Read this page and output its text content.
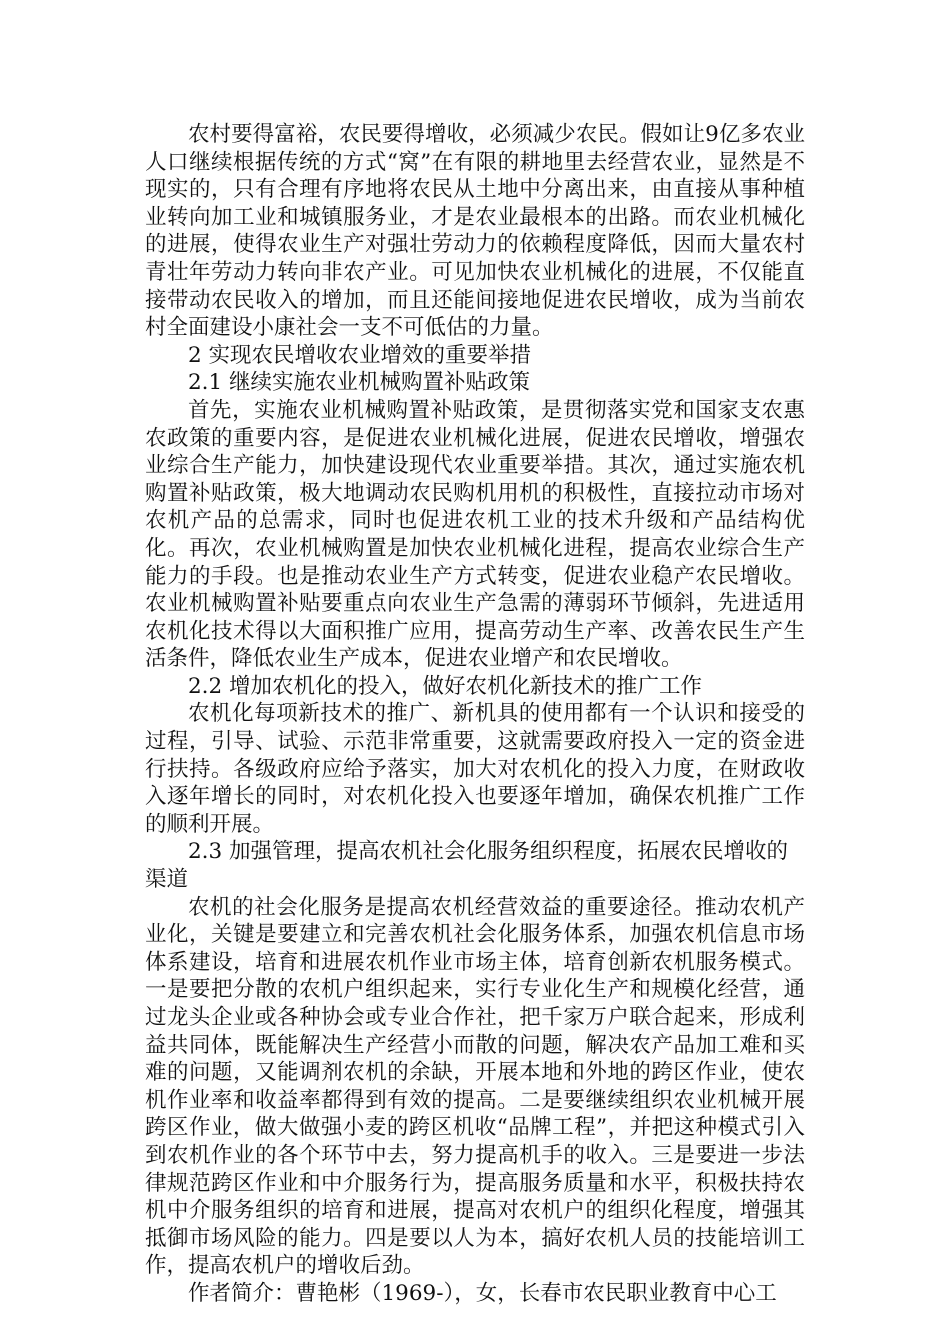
农村要得富裕，农民要得增收，必须减少农民。假如让9亿多农业人口继续根据传统的方式“窝”在有限的耕地里去经营农业，显然是不现实的，只有合理有序地将农民从土地中分离出来，由直接从事种植业转向加工业和城镇服务业，才是农业最根本的出路。而农业机械化的进展，使得农业生产对强壮劳动力的依赖程度降低，因而大量农村青壮年劳动力转向非农产业。可见加快农业机械化的进展，不仅能直接带动农民收入的增加，而且还能间接地促进农民增收，成为当前农村全面建设小康社会一支不可低估的力量。

2 实现农民增收农业增效的重要举措

2.1 继续实施农业机械购置补贴政策

首先，实施农业机械购置补贴政策，是贯彻落实党和国家支农惠农政策的重要内容，是促进农业机械化进展，促进农民增收，增强农业综合生产能力，加快建设现代农业重要举措。其次，通过实施农机购置补贴政策，极大地调动农民购机用机的积极性，直接拉动市场对农机产品的总需求，同时也促进农机工业的技术升级和产品结构优化。再次，农业机械购置是加快农业机械化进程，提高农业综合生产能力的手段。也是推动农业生产方式转变，促进农业稳产农民增收。农业机械购置补贴要重点向农业生产急需的薄弱环节倾斜，先进适用农机化技术得以大面积推广应用，提高劳动生产率、改善农民生产生活条件，降低农业生产成本，促进农业增产和农民增收。

2.2 增加农机化的投入，做好农机化新技术的推广工作

农机化每项新技术的推广、新机具的使用都有一个认识和接受的过程，引导、试验、示范非常重要，这就需要政府投入一定的资金进行扶持。各级政府应给予落实，加大对农机化的投入力度，在财政收入逐年增长的同时，对农机化投入也要逐年增加，确保农机推广工作的顺利开展。

2.3 加强管理，提高农机社会化服务组织程度，拓展农民增收的渠道

农机的社会化服务是提高农机经营效益的重要途径。推动农机产业化，关键是要建立和完善农机社会化服务体系，加强农机信息市场体系建设，培育和进展农机作业市场主体，培育创新农机服务模式。一是要把分散的农机户组织起来，实行专业化生产和规模化经营，通过龙头企业或各种协会或专业合作社，把千家万户联合起来，形成利益共同体，既能解决生产经营小而散的问题，解决农产品加工难和买难的问题，又能调剂农机的余缺，开展本地和外地的跨区作业，使农机作业率和收益率都得到有效的提高。二是要继续组织农业机械开展跨区作业，做大做强小麦的跨区机收“品牌工程”，并把这种模式引入到农机作业的各个环节中去，努力提高机手的收入。三是要进一步法律规范跨区作业和中介服务行为，提高服务质量和水平，积极扶持农机中介服务组织的培育和进展，提高对农机户的组织化程度，增强其抵御市场风险的能力。四是要以人为本，搞好农机人员的技能培训工作，提高农机户的增收后劲。

作者简介：曹艳彬（1969-），女，长春市农民职业教育中心工
